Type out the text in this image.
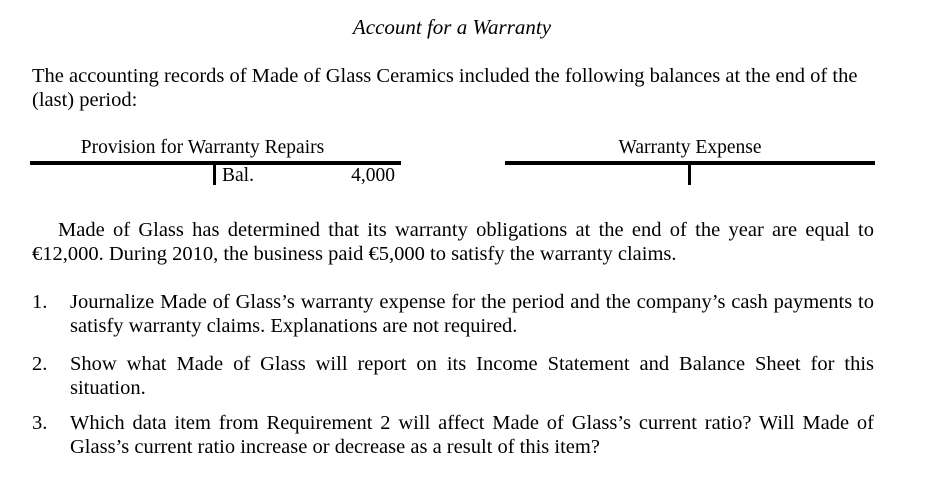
Account for a Warranty
The accounting records of Made of Glass Ceramics included the following balances at the end of the (last) period:
Provision for Warranty Repairs
Bal.	4,000
Warranty Expense
Made of Glass has determined that its warranty obligations at the end of the year are equal to €12,000. During 2010, the business paid €5,000 to satisfy the warranty claims.
1.	Journalize Made of Glass’s warranty expense for the period and the company’s cash payments to satisfy warranty claims. Explanations are not required.
2.	Show what Made of Glass will report on its Income Statement and Balance Sheet for this situation.
3.	Which data item from Requirement 2 will affect Made of Glass’s current ratio? Will Made of Glass’s current ratio increase or decrease as a result of this item?
